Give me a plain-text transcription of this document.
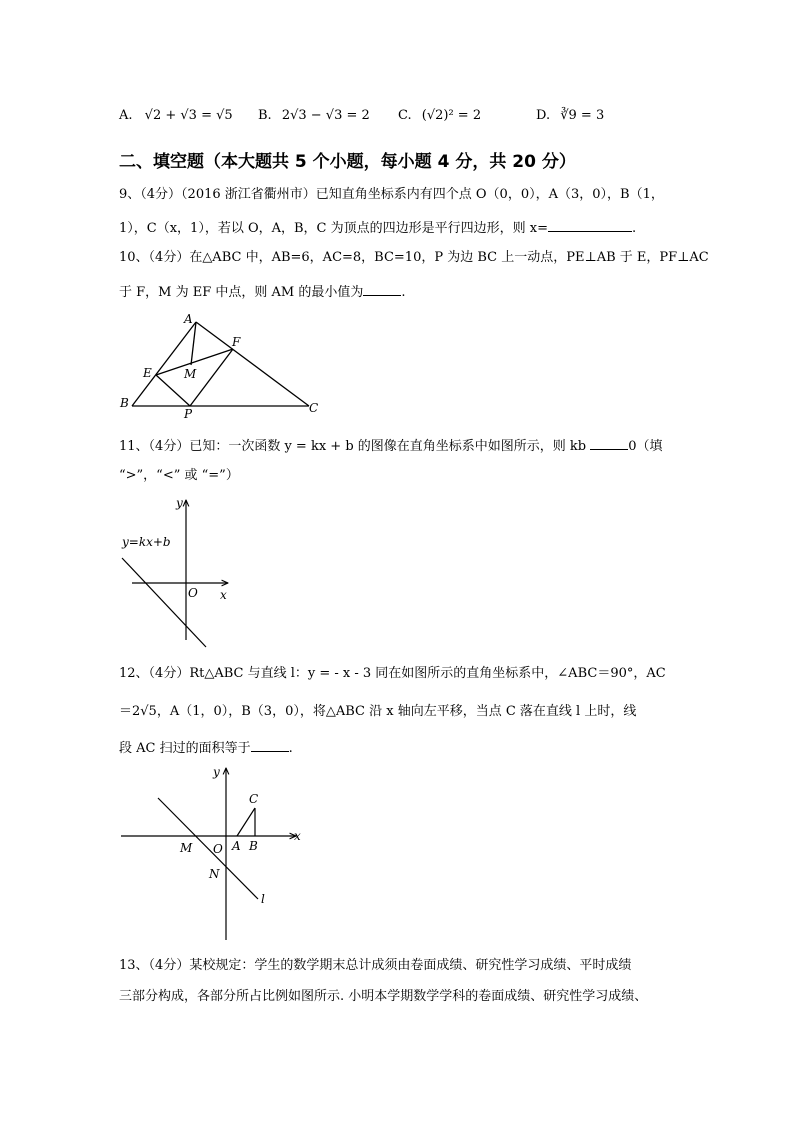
A. √2 + √3 = √5 B. 2√3 − √3 = 2 C. (√2)² = 2	D. ∛9 = 3
二、填空题（本大题共 5 个小题，每小题 4 分，共 20 分）
9、（4分）（2016 浙江省衢州市）已知直角坐标系内有四个点 O（0，0），A（3，0），B（1，
1），C（x，1），若以 O，A，B，C 为顶点的四边形是平行四边形，则 x=	.
10、（4分）在△ABC 中，AB=6，AC=8，BC=10，P 为边 BC 上一动点，PE⊥AB 于 E，PF⊥AC
于 F，M 为 EF 中点，则 AM 的最小值为	.
A
B	C
E
F
M
P
11、（4分）已知：一次函数 y = kx + b 的图像在直角坐标系中如图所示，则 kb	0（填
“>”，“<” 或 “=”）
y
x
O
y=kx+b
12、（4分）Rt△ABC 与直线 l：y = - x - 3 同在如图所示的直角坐标系中，∠ABC＝90°，AC
＝2√5，A（1，0），B（3，0），将△ABC 沿 x 轴向左平移，当点 C 落在直线 l 上时，线
段 AC 扫过的面积等于	.
y
x
C
M O A B
N
l
13、（4分）某校规定：学生的数学期末总计成须由卷面成绩、研究性学习成绩、平时成绩
三部分构成，各部分所占比例如图所示. 小明本学期数学学科的卷面成绩、研究性学习成绩、
